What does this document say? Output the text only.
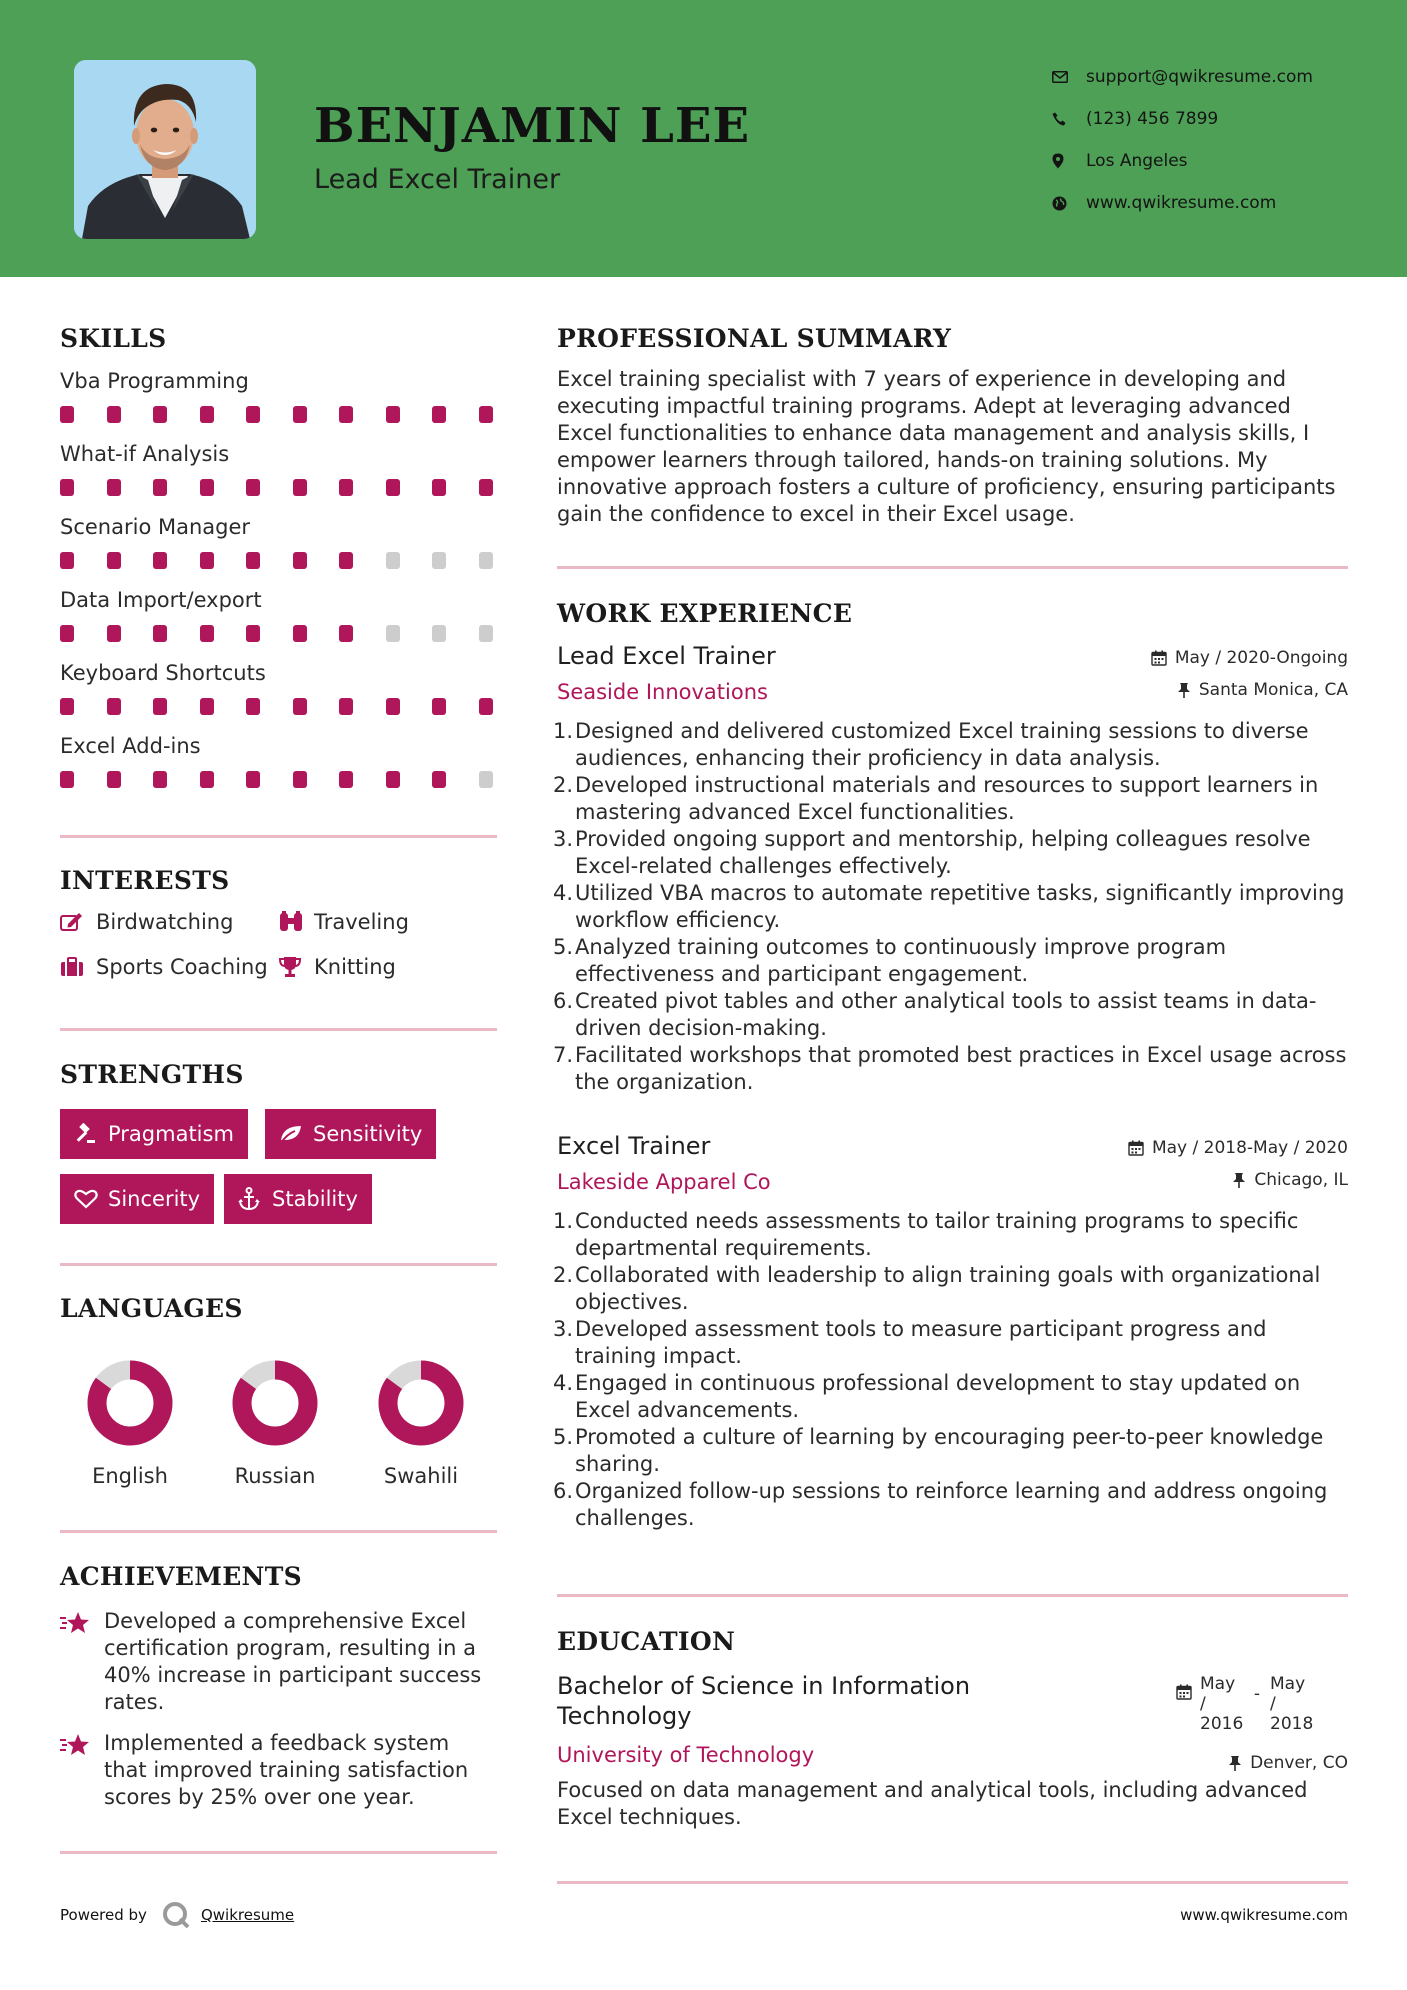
BENJAMIN LEE
Lead Excel Trainer
support@qwikresume.com
(123) 456 7899
Los Angeles
www.qwikresume.com
SKILLS
Vba Programming
What-if Analysis
Scenario Manager
Data Import/export
Keyboard Shortcuts
Excel Add-ins
INTERESTS
Birdwatching	Traveling
Sports Coaching Knitting
STRENGTHS
Pragmatism	Sensitivity
Sincerity	Stability
LANGUAGES
English	Russian	Swahili
ACHIEVEMENTS
Developed a comprehensive Excel certification program, resulting in a 40% increase in participant success rates.
Implemented a feedback system that improved training satisfaction scores by 25% over one year.
PROFESSIONAL SUMMARY
Excel training specialist with 7 years of experience in developing and executing impactful training programs. Adept at leveraging advanced Excel functionalities to enhance data management and analysis skills, I empower learners through tailored, hands-on training solutions. My innovative approach fosters a culture of proficiency, ensuring participants gain the confidence to excel in their Excel usage.
WORK EXPERIENCE
Lead Excel Trainer
Seaside Innovations
May / 2020-Ongoing
Santa Monica, CA
1. Designed and delivered customized Excel training sessions to diverse audiences, enhancing their proficiency in data analysis.
2. Developed instructional materials and resources to support learners in mastering advanced Excel functionalities.
3. Provided ongoing support and mentorship, helping colleagues resolve Excel-related challenges effectively.
4. Utilized VBA macros to automate repetitive tasks, significantly improving workflow efficiency.
5. Analyzed training outcomes to continuously improve program effectiveness and participant engagement.
6. Created pivot tables and other analytical tools to assist teams in data-driven decision-making.
7. Facilitated workshops that promoted best practices in Excel usage across the organization.
Excel Trainer
Lakeside Apparel Co
May / 2018-May / 2020
Chicago, IL
1. Conducted needs assessments to tailor training programs to specific departmental requirements.
2. Collaborated with leadership to align training goals with organizational objectives.
3. Developed assessment tools to measure participant progress and training impact.
4. Engaged in continuous professional development to stay updated on Excel advancements.
5. Promoted a culture of learning by encouraging peer-to-peer knowledge sharing.
6. Organized follow-up sessions to reinforce learning and address ongoing challenges.
EDUCATION
Bachelor of Science in Information Technology
May /
2016
- May /
2018
University of Technology	Denver, CO
Focused on data management and analytical tools, including advanced Excel techniques.
Powered by	Qwikresume	www.qwikresume.com
